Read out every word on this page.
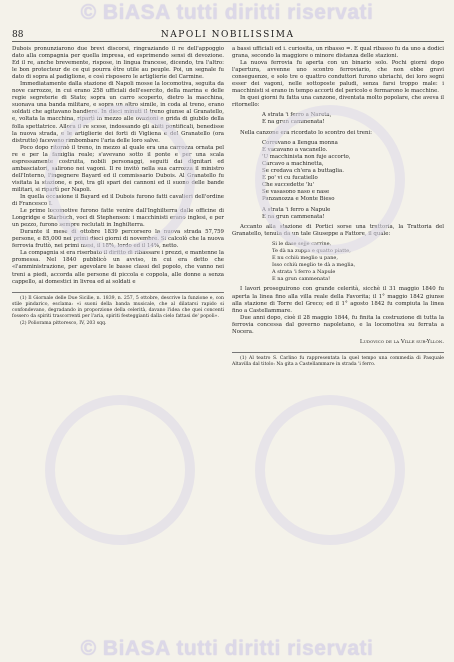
© BiASA tutti diritti riservati
88	NAPOLI NOBILISSIMA

Dubois pronunziarono due brevi discorsi, ringraziando il re dell'appoggio dato alla compagnia per quella impresa, ed esprimendo sensi di devozione. Ed il re, anche brevemente, rispose, in lingua francese, dicendo, tra l'altro: le bon protecteur de ce qui pourra être utile au peuple. Poi, un segnale fu dato di sopra al padiglione, e così risposero le artiglierie del Carmine.

Immediatamente dalla stazione di Napoli mosse la locomotiva, seguita da nove carrozze, in cui erano 258 ufficiali dell'esercito, della marina e delle regie segreterie di Stato; sopra un carro scoperto, dietro la macchina, suonava una banda militare, e sopra un altro simile, in coda al treno, erano soldati che agitavano bandiere. In dieci minuti il treno giunse al Granatello, e, voltata la macchina, ripartì in mezzo alle ovazioni e grida di giubilo della folla spettatrice. Allora il re scese, indossando gli abiti pontificali, benedisse la nuova strada, e le artiglierie dei forti di Vigliena e del Granatello (ora distrutto) facevano rimbombare l'aria delle loro salve.

Poco dopo ritornò il treno, in mezzo al quale era una carrozza ornata pel re e per la famiglia reale; s'avevano sotto il ponte e per una scala espressamente costruita, nobili personaggi, seguiti dai dignitari ed ambasciatori, salirono nei vagoni. Il re invitò nella sua carrozza il ministro dell'Interno, l'ingegnere Bayard ed il commissario Dubois. Al Granatello fu visitata la stazione, e poi, tra gli spari dei cannoni ed il suono delle bande militari, si ripartì per Napoli.

In quella occasione il Bayard ed il Dubois furono fatti cavalieri dell'ordine di Francesco I.

Le prime locomotive furono fatte venire dall'Inghilterra dalle officine di Longridge e Starbuch, voci di Stephenson: i macchinisti erano inglesi, e per un pezzo, furono sempre reclutati in Inghilterra.

Durante il mese di ottobre 1839 percorsero la nuova strada 57,759 persone, e 85,000 nei primi dieci giorni di novembre. Si calcolò che la nuova ferrovia fruttò, nei primi mesi, il 18%, lordo ed il 14%, netto.

La compagnia si era riserbato il diritto di ribassare i prezzi, e mantenne la promessa. Nel 1840 pubblicò un avviso, in cui era detto che «l'amministrazione, per agevolare le basse classi del popolo, che vanno nei treni a piedi, accorda alle persone di piccola e coppola, alle donne a senza cappello, ai domestici in livrea ed ai soldati e

(1) Il Giornale delle Due Sicilie, n. 1839, n. 257, 5 ottobre, descrive la funzione e, con stile pindarico, esclama: «i suoni della banda musicale, che al dilatarsi rapido si confondevano, degradando in proporzione della celerità, davano l'idea che quei concenti fossero da spiriti trascorrenti per l'aria, spiriti festeggianti dalla cielo fattasi de' popoli».

(2) Poliorama pittoresco, IV, 203 sqq.

a bassi ufficiali ed i. curiosita, un ribasso =. E qual ribasso fu da uno a dodici grana, secondo la maggiore o minore distanza delle stazioni.

La nuova ferrovia fu aperta con un binario solo. Pochi giorni dopo l'apertura, avvenne uno scontro ferroviario, che non ebbe gravi conseguenze, e solo tre o quattro conduttori furono ubriachi, dei loro segni esser dei vagoni, nelle sottoposte paludi, senza farsi troppo male: i macchinisti si erano in tempo accorti del pericolo e fermarono le macchine.

In quei giorni fu fatta una canzone, diventata molto popolare, che aveva il ritornello:

A strata 'i ferro a Nareta,
E na grun cammenata!

Nella canzone era ricordato lo scontro dei treni:

Correvano a llengua monna
E vacavano a vacanello.
'U macchinista non fuje accorto,
Carcavo a machinetta,
Se credava ch'era a buttaglia.
E po' vi cu fucatiello
Che succedette 'lu'
Se vasasono naso e nase
Panzanozza e Monte Bieso
A strata 'i ferro a Napule
E na grun cammenata!

Accanto alla stazione di Portici sorse una trattoria, la Trattoria del Granatello, tenuta da un tale Giuseppe a Fattore, il quale:

Si le dase sejje carrine,
Te dà na zuppa e quatto piatte,
E nu cchiù meglio u pane,
Isso cchiù meglio te dà a meglia,
A strata 'i ferro a Napule
E na grun cammenata!

I lavori proseguirono con grande celerità, sicchè il 31 maggio 1840 fu aperta la linea fino alla villa reale della Favorita; il 1° maggio 1842 giunse alla stazione di Torre del Greco; ed il 1° agosto 1842 fu compiuta la linea fino a Castellammare.

Due anni dopo, cioè il 28 maggio 1844, fu finita la costruzione di tutta la ferrovia concessa dal governo napoletano, e la locomotiva su ferrata a Nocera.

Ludovico de la Ville sur-Yllon.

(1) Al teatro S. Carlino fu rappresentata la quel tempo una commedia di Pasquale Altavilla dal titolo: Na gita a Castellammare in strada 'i ferro.

© BiASA tutti diritti riservati
